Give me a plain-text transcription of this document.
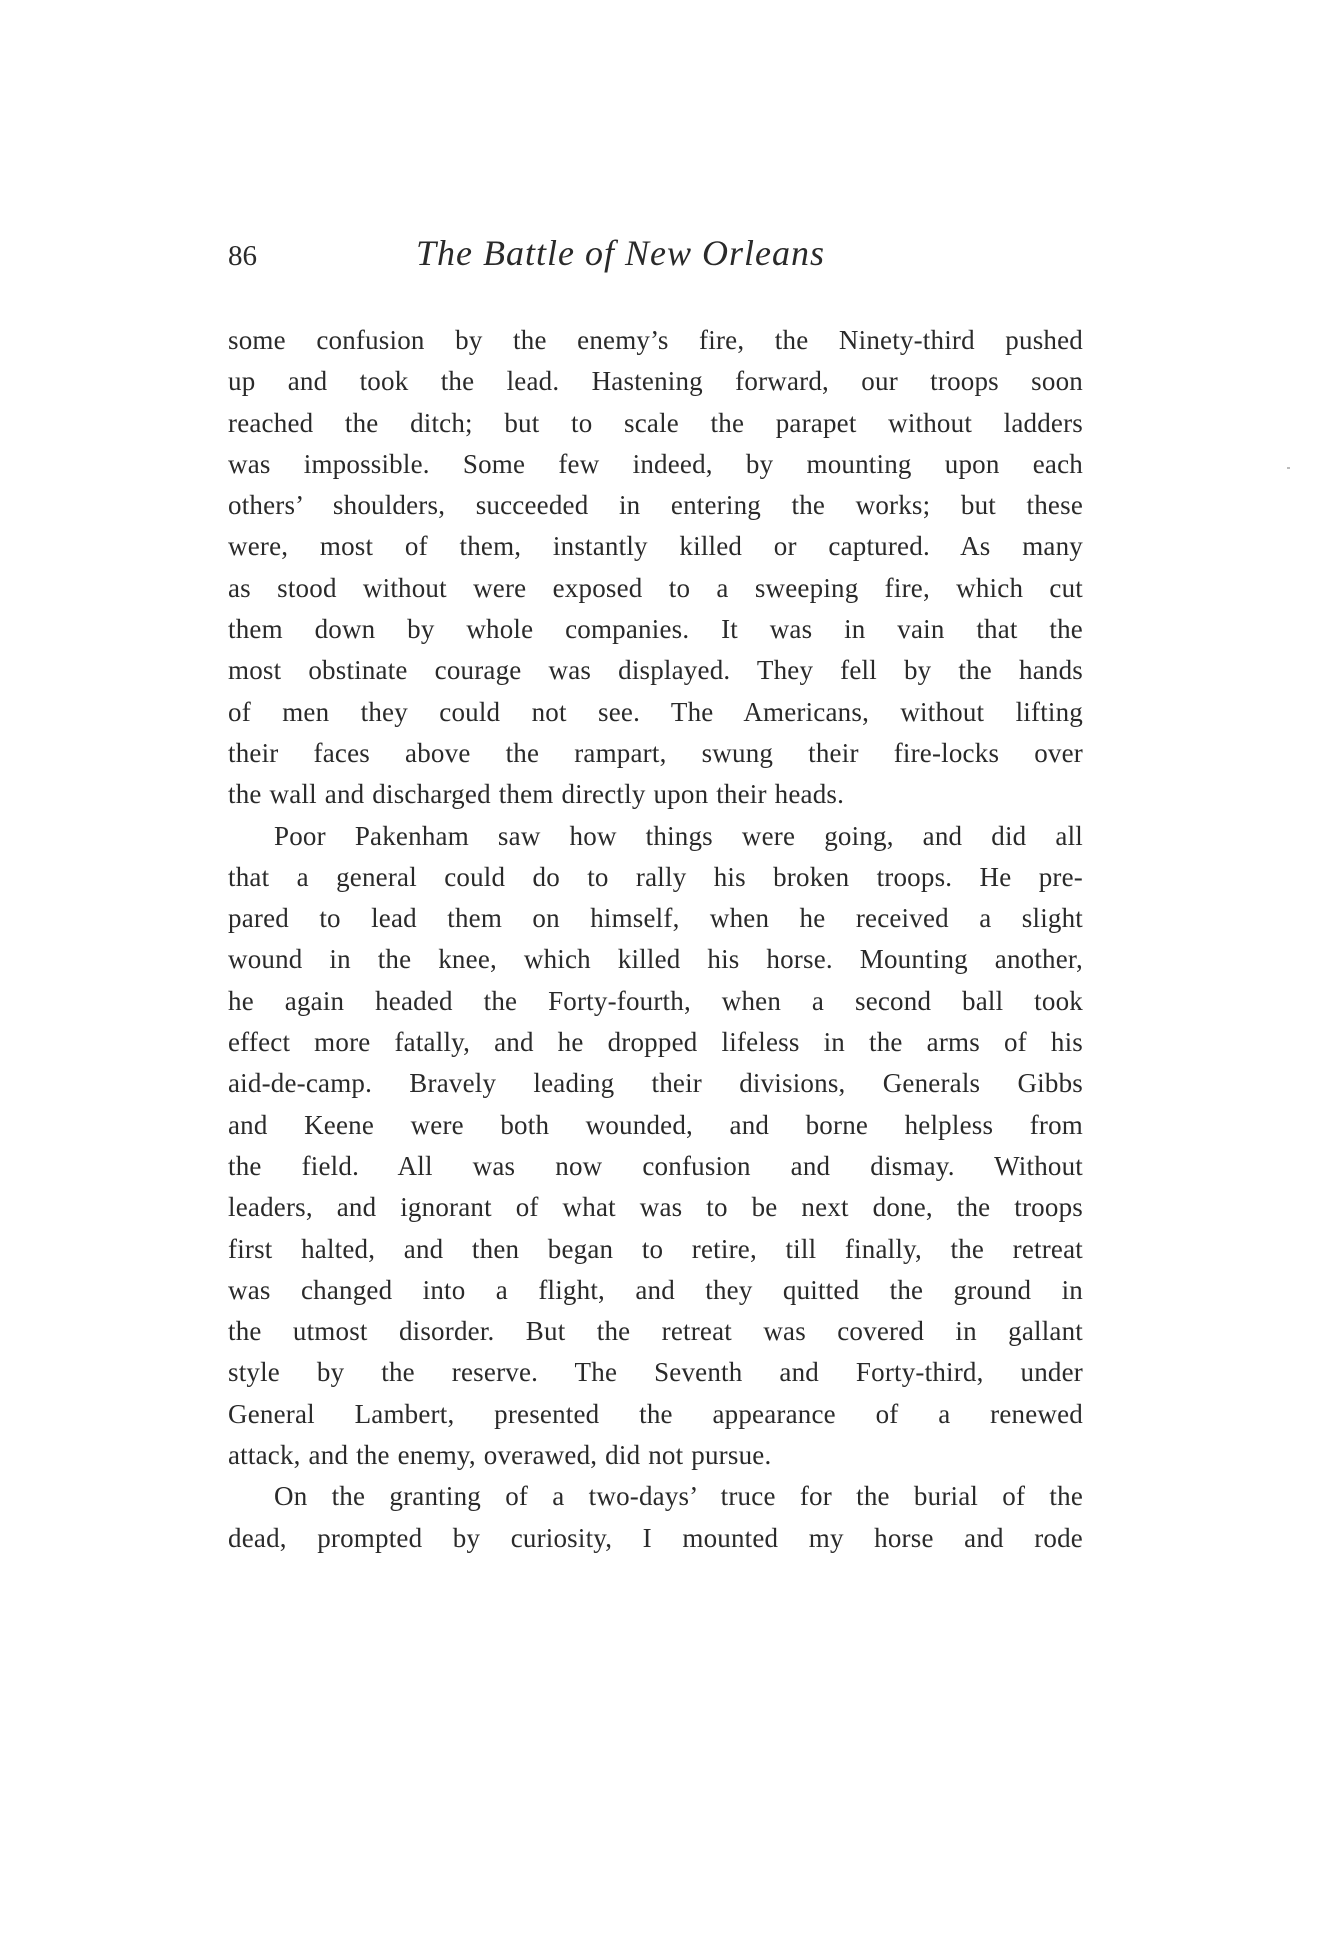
86	The Battle of New Orleans
some confusion by the enemy’s fire, the Ninety-third pushed
up and took the lead. Hastening forward, our troops soon
reached the ditch; but to scale the parapet without ladders
was impossible. Some few indeed, by mounting upon each
others’ shoulders, succeeded in entering the works; but these
were, most of them, instantly killed or captured. As many
as stood without were exposed to a sweeping fire, which cut
them down by whole companies. It was in vain that the
most obstinate courage was displayed. They fell by the hands
of men they could not see. The Americans, without lifting
their faces above the rampart, swung their fire-locks over
the wall and discharged them directly upon their heads.
Poor Pakenham saw how things were going, and did all
that a general could do to rally his broken troops. He pre-
pared to lead them on himself, when he received a slight
wound in the knee, which killed his horse. Mounting another,
he again headed the Forty-fourth, when a second ball took
effect more fatally, and he dropped lifeless in the arms of his
aid-de-camp. Bravely leading their divisions, Generals Gibbs
and Keene were both wounded, and borne helpless from
the field. All was now confusion and dismay. Without
leaders, and ignorant of what was to be next done, the troops
first halted, and then began to retire, till finally, the retreat
was changed into a flight, and they quitted the ground in
the utmost disorder. But the retreat was covered in gallant
style by the reserve. The Seventh and Forty-third, under
General Lambert, presented the appearance of a renewed
attack, and the enemy, overawed, did not pursue.
On the granting of a two-days’ truce for the burial of the
dead, prompted by curiosity, I mounted my horse and rode
